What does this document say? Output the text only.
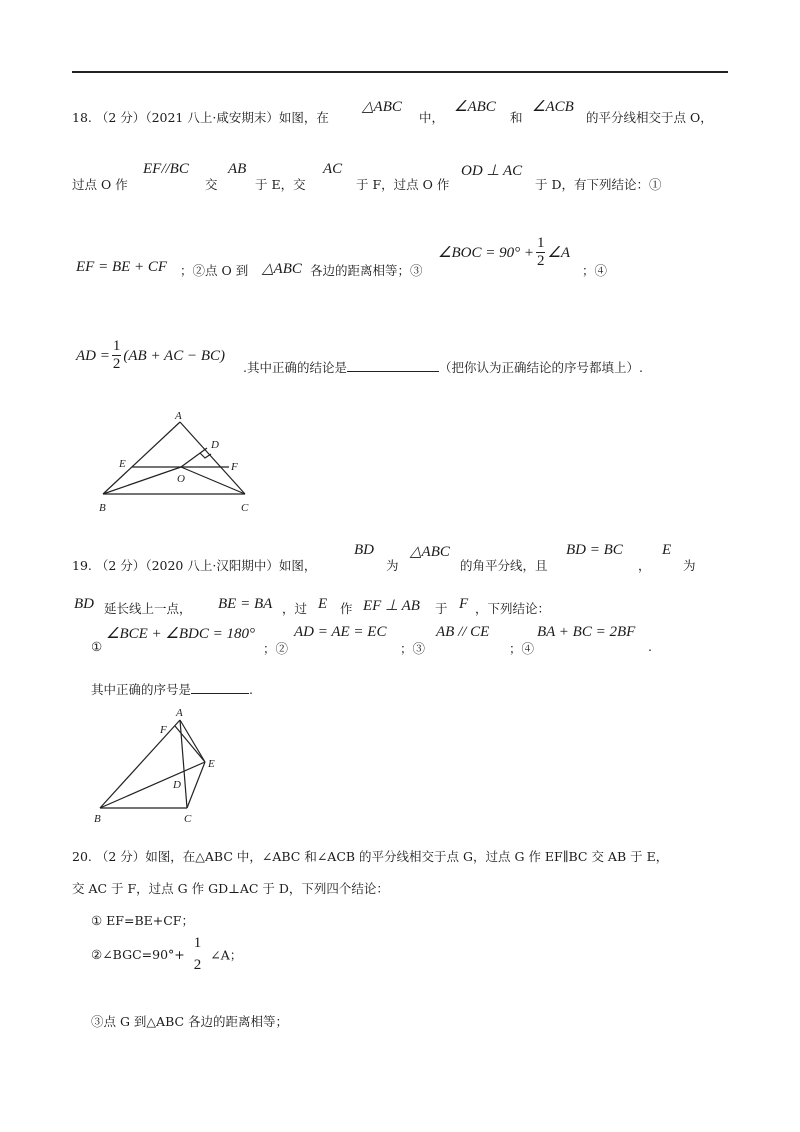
18. （2 分）（2021 八上·咸安期末）如图，在
△ABC
中，
∠ABC
和
∠ACB
的平分线相交于点 O，
过点 O 作
EF//BC
交
AB
于 E，交
AC
于 F，过点 O 作
OD ⊥ AC
于 D，有下列结论：①
EF = BE + CF ；②点 O 到 △ABC 各边的距离相等；③
∠BOC = $90^\circ + \frac{1}{2}$ ∠A
；④
AD = $\frac{1}{2} (AB$ + AC − BC)
.其中正确的结论是	（把你认为正确结论的序号都填上）.
A
D
E	F
O
B	C
19. （2 分）（2020 八上·汉阳期中）如图，
BD
为
△ABC
的角平分线，且
BD = BC
，
E
为
BD 延长线上一点， BE = BA ，过 E 作 EF ⊥ AB 于 F ，下列结论：
①
∠BCE + ∠BDC = 180°
；②
AD = AE = EC
；③
AB // CE
；④
BA + BC = 2BF
.
其中正确的序号是	.
A
F
E
D
B	C
20. （2 分）如图，在△ABC 中，∠ABC 和∠ACB 的平分线相交于点 G，过点 G 作 EF∥BC 交 AB 于 E，
交 AC 于 F，过点 G 作 GD⊥AC 于 D，下列四个结论：
① EF=BE+CF；
②∠BGC=90°+
1
2
∠A；
③点 G 到△ABC 各边的距离相等；
